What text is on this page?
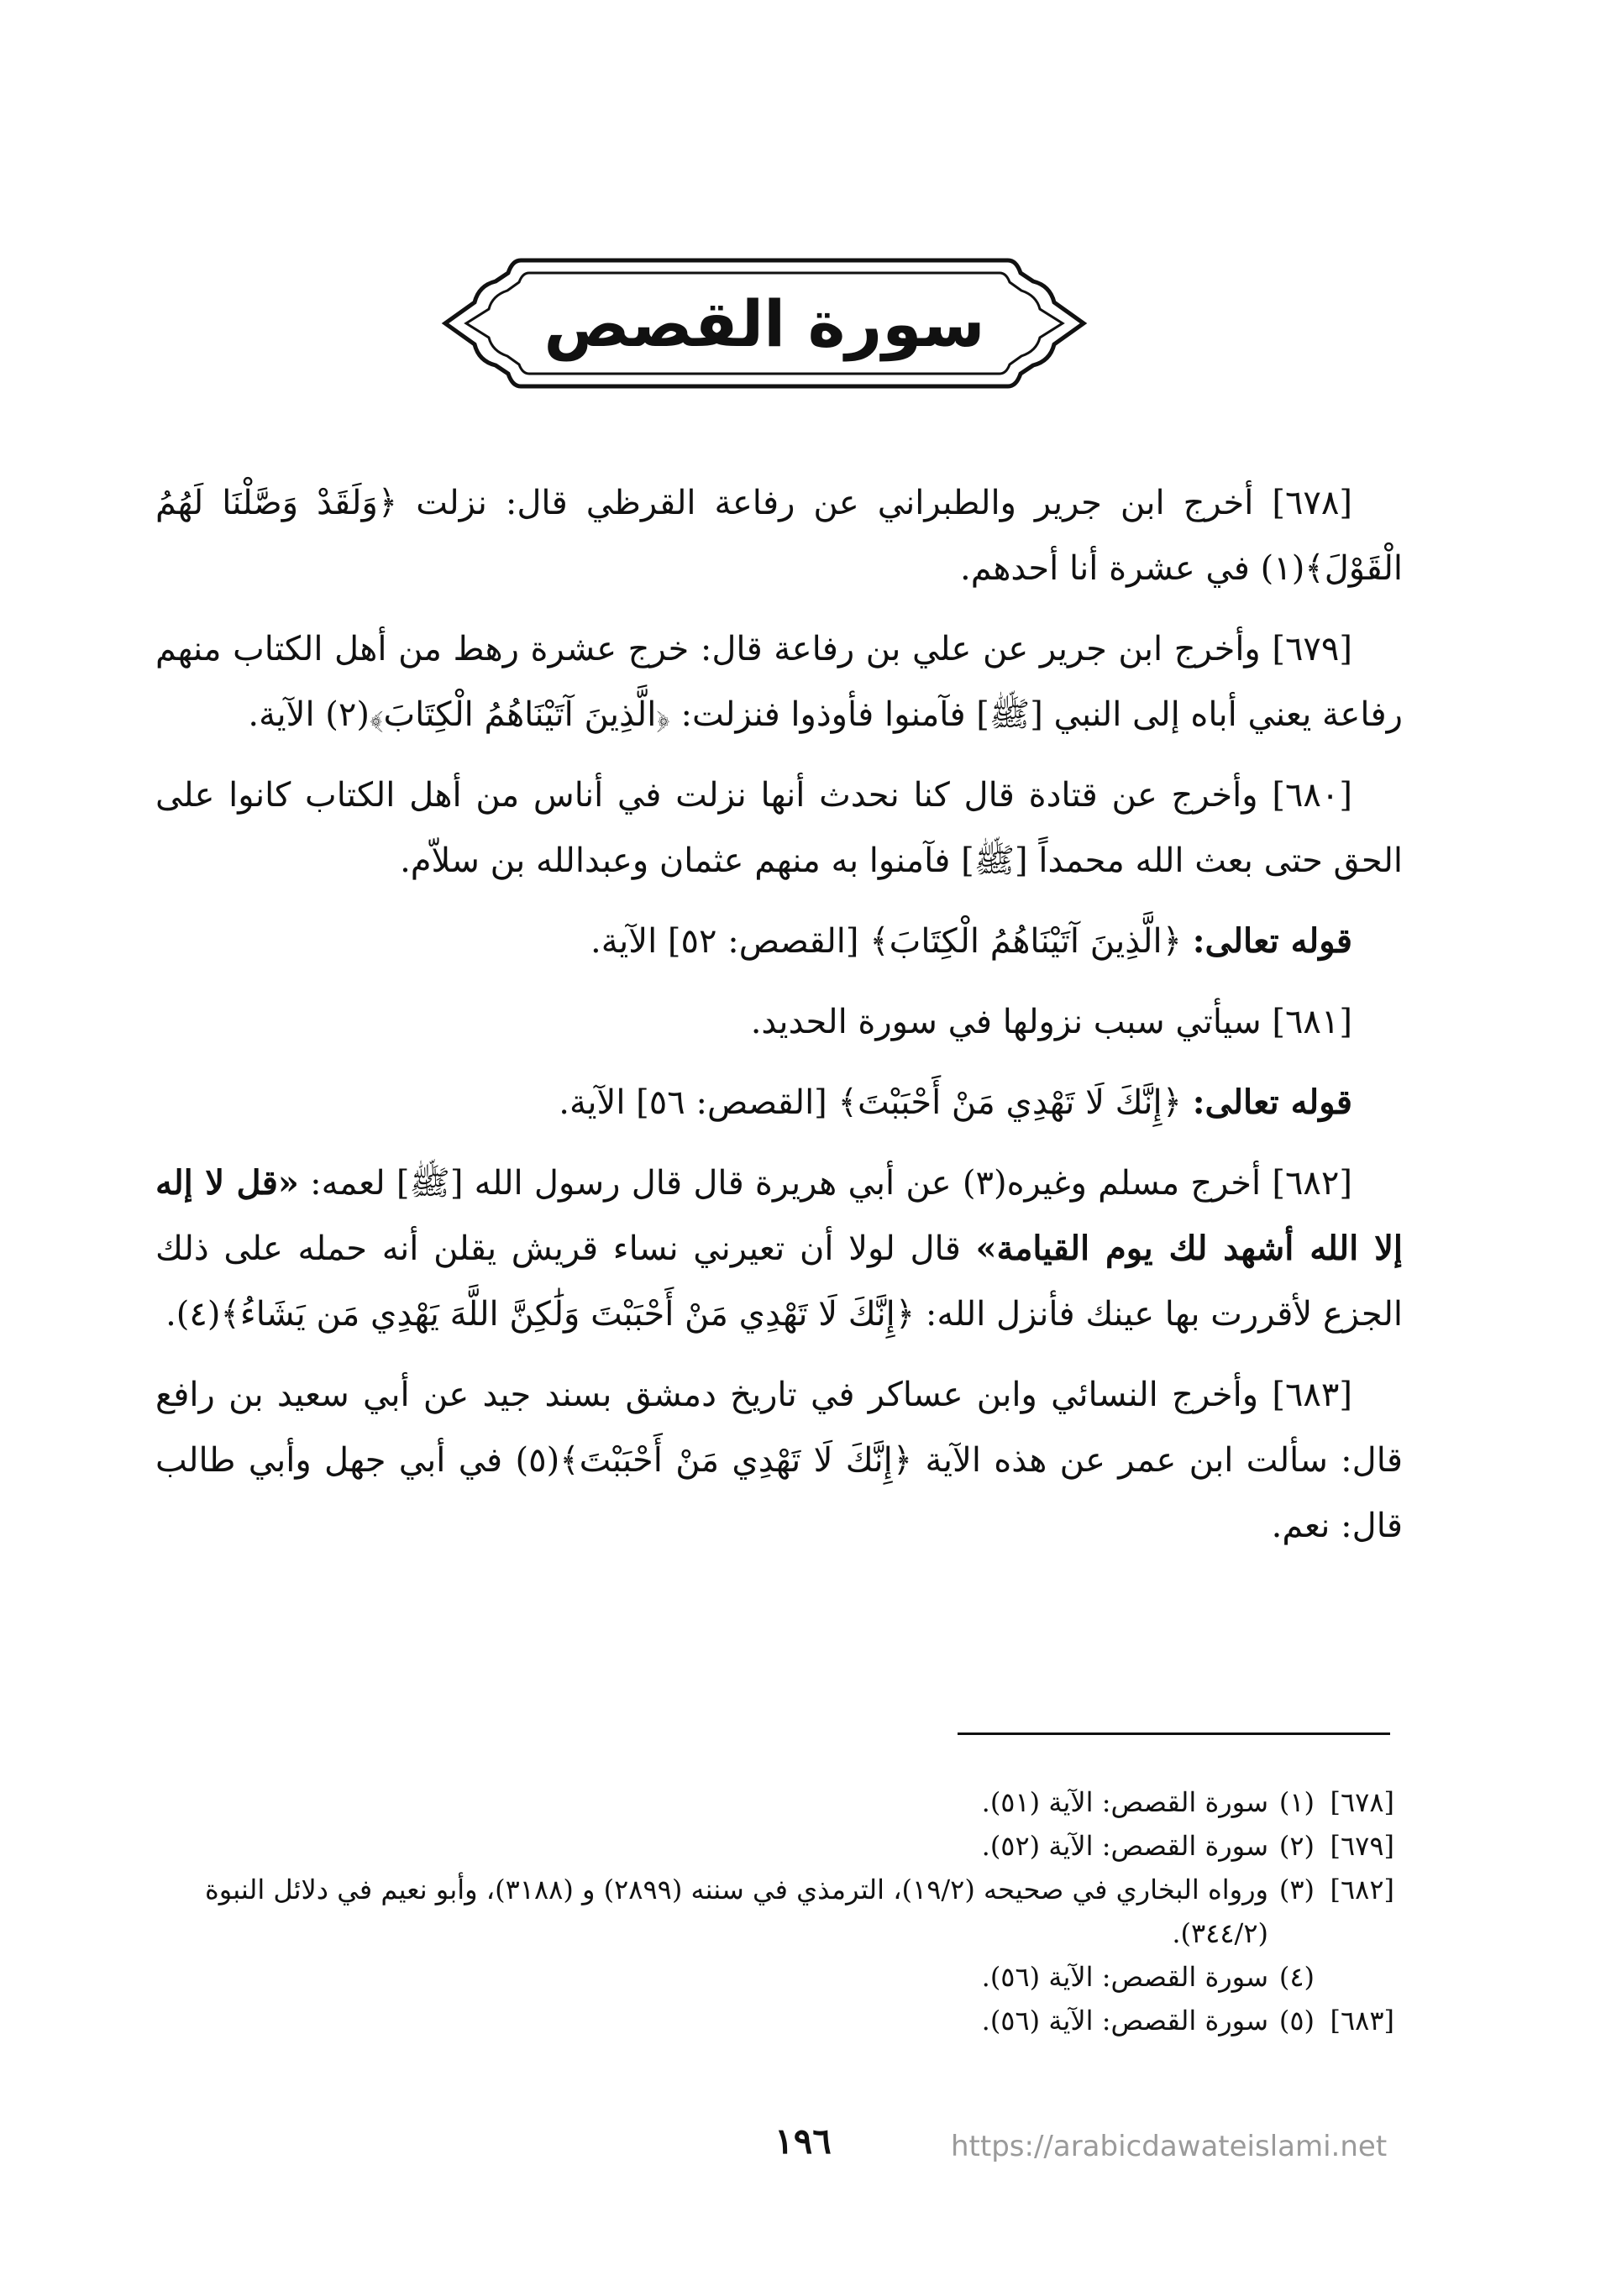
سورة القصص

[٦٧٨] أخرج ابن جرير والطبراني عن رفاعة القرظي قال: نزلت ﴿وَلَقَدْ وَصَّلْنَا لَهُمُ الْقَوْلَ﴾(١) في عشرة أنا أحدهم.

[٦٧٩] وأخرج ابن جرير عن علي بن رفاعة قال: خرج عشرة رهط من أهل الكتاب منهم رفاعة يعني أباه إلى النبي [ﷺ] فآمنوا فأوذوا فنزلت: ﴿الَّذِينَ آتَيْنَاهُمُ الْكِتَابَ﴾(٢) الآية.

[٦٨٠] وأخرج عن قتادة قال كنا نحدث أنها نزلت في أناس من أهل الكتاب كانوا على الحق حتى بعث الله محمداً [ﷺ] فآمنوا به منهم عثمان وعبدالله بن سلاّم.

قوله تعالى: ﴿الَّذِينَ آتَيْنَاهُمُ الْكِتَابَ﴾ [القصص: ٥٢] الآية.

[٦٨١] سيأتي سبب نزولها في سورة الحديد.

قوله تعالى: ﴿إِنَّكَ لَا تَهْدِي مَنْ أَحْبَبْتَ﴾ [القصص: ٥٦] الآية.

[٦٨٢] أخرج مسلم وغيره(٣) عن أبي هريرة قال قال رسول الله [ﷺ] لعمه: «قل لا إله إلا الله أشهد لك يوم القيامة» قال لولا أن تعيرني نساء قريش يقلن أنه حمله على ذلك الجزع لأقررت بها عينك فأنزل الله: ﴿إِنَّكَ لَا تَهْدِي مَنْ أَحْبَبْتَ وَلَٰكِنَّ اللَّهَ يَهْدِي مَن يَشَاءُ﴾(٤).

[٦٨٣] وأخرج النسائي وابن عساكر في تاريخ دمشق بسند جيد عن أبي سعيد بن رافع قال: سألت ابن عمر عن هذه الآية ﴿إِنَّكَ لَا تَهْدِي مَنْ أَحْبَبْتَ﴾(٥) في أبي جهل وأبي طالب قال: نعم.

[٦٧٨]
(١)
سورة القصص: الآية (٥١).
[٦٧٩]
(٢)
سورة القصص: الآية (٥٢).
[٦٨٢]
(٣)
ورواه البخاري في صحيحه (١٩/٢)، الترمذي في سننه (٢٨٩٩) و (٣١٨٨)، وأبو نعيم في دلائل النبوة (٣٤٤/٢).
(٤)
سورة القصص: الآية (٥٦).
[٦٨٣]
(٥)
سورة القصص: الآية (٥٦).
١٩٦	https://arabicdawateislami.net
